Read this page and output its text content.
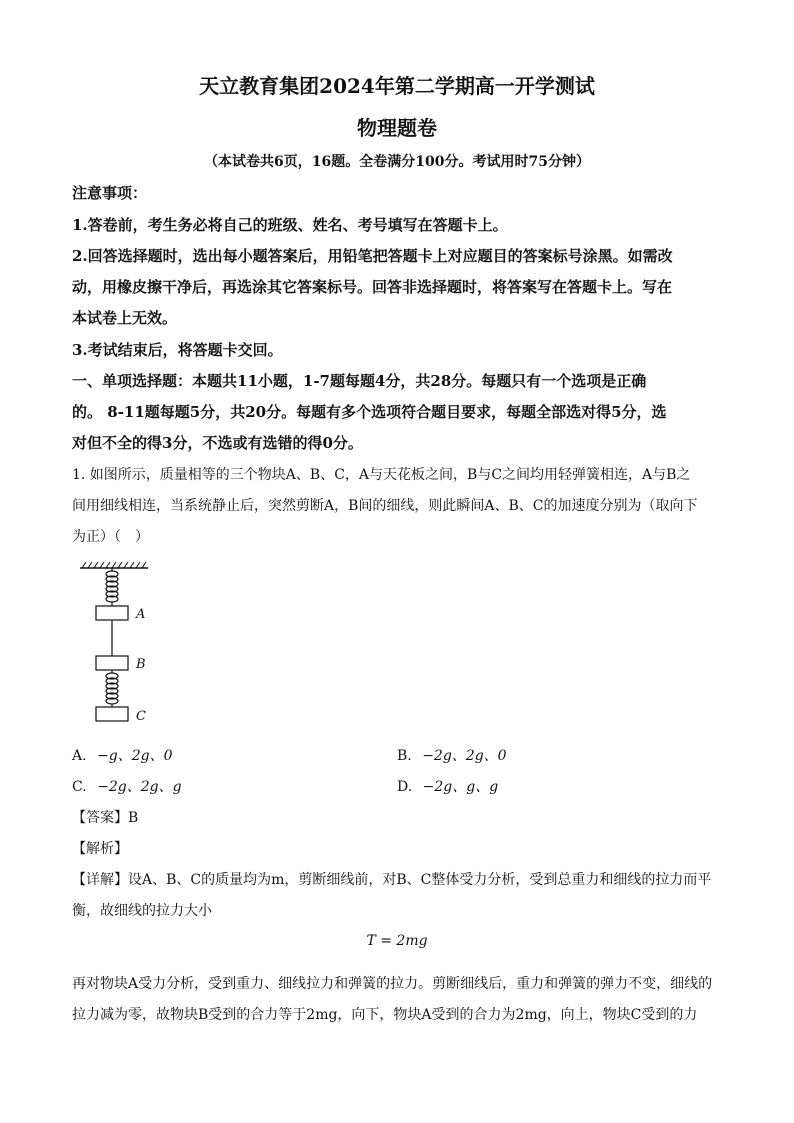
天立教育集团2024年第二学期高一开学测试
物理题卷
（本试卷共6页，16题。全卷满分100分。考试用时75分钟）
注意事项：
1.答卷前，考生务必将自己的班级、姓名、考号填写在答题卡上。
2.回答选择题时，选出每小题答案后，用铅笔把答题卡上对应题目的答案标号涂黑。如需改
动，用橡皮擦干净后，再选涂其它答案标号。回答非选择题时，将答案写在答题卡上。写在
本试卷上无效。
3.考试结束后，将答题卡交回。
一、单项选择题：本题共11小题，1-7题每题4分，共28分。每题只有一个选项是正确
的。 8-11题每题5分，共20分。每题有多个选项符合题目要求，每题全部选对得5分，选
对但不全的得3分，不选或有选错的得0分。
1. 如图所示，质量相等的三个物块A、B、C，A与天花板之间，B与C之间均用轻弹簧相连，A与B之
间用细线相连，当系统静止后，突然剪断A，B间的细线，则此瞬间A、B、C的加速度分别为（取向下
为正）（　）
A
B
C
A. −g、2g、0	B. −2g、2g、0
C. −2g、2g、g	D. −2g、g、g
【答案】B
【解析】
【详解】设A、B、C的质量均为m，剪断细线前，对B、C整体受力分析，受到总重力和细线的拉力而平
衡，故细线的拉力大小
T = 2mg
再对物块A受力分析，受到重力、细线拉力和弹簧的拉力。剪断细线后，重力和弹簧的弹力不变，细线的
拉力减为零，故物块B受到的合力等于2mg，向下，物块A受到的合力为2mg，向上，物块C受到的力
